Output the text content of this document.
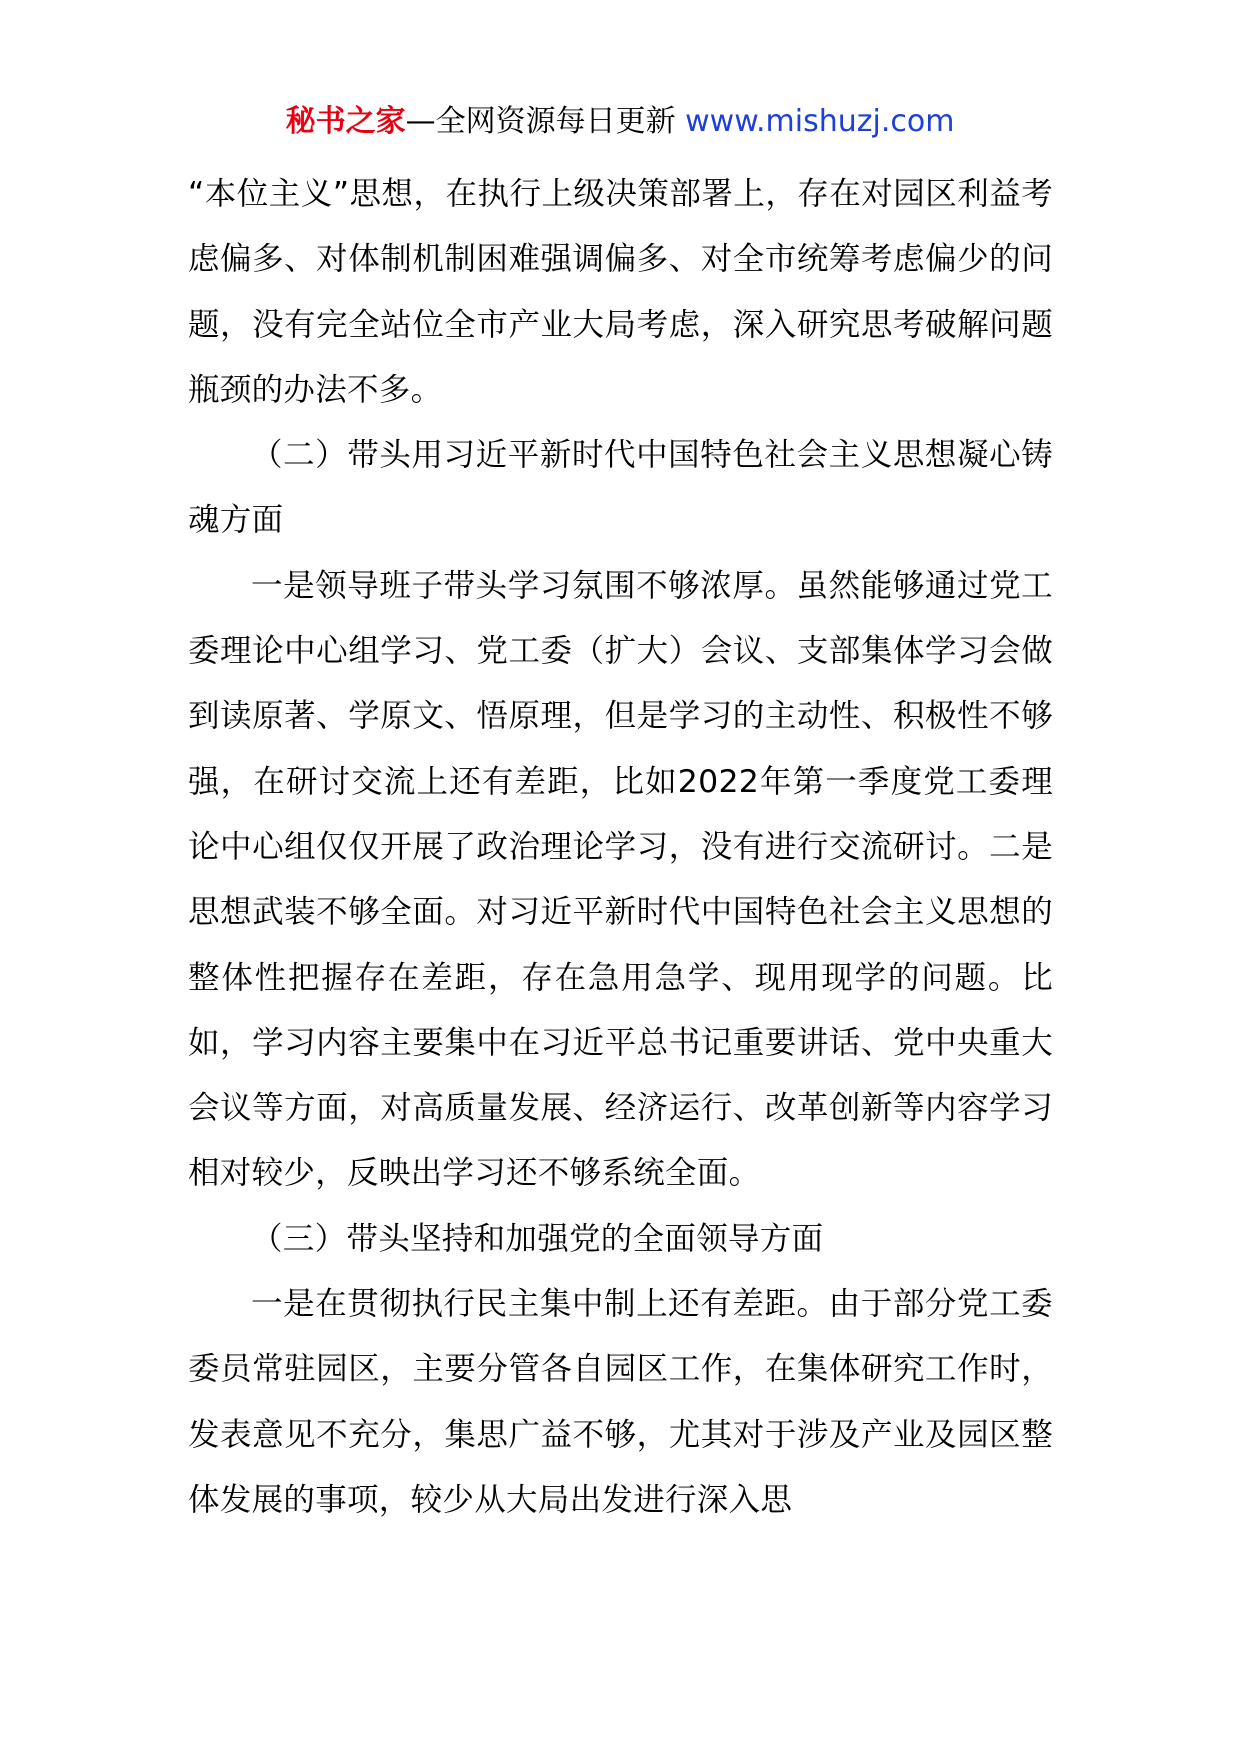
秘书之家—全网资源每日更新 www.mishuzj.com

“本位主义”思想，在执行上级决策部署上，存在对园区利益考虑偏多、对体制机制困难强调偏多、对全市统筹考虑偏少的问题，没有完全站位全市产业大局考虑，深入研究思考破解问题瓶颈的办法不多。

（二）带头用习近平新时代中国特色社会主义思想凝心铸魂方面

一是领导班子带头学习氛围不够浓厚。虽然能够通过党工委理论中心组学习、党工委（扩大）会议、支部集体学习会做到读原著、学原文、悟原理，但是学习的主动性、积极性不够强，在研讨交流上还有差距，比如2022年第一季度党工委理论中心组仅仅开展了政治理论学习，没有进行交流研讨。二是思想武装不够全面。对习近平新时代中国特色社会主义思想的整体性把握存在差距，存在急用急学、现用现学的问题。比如，学习内容主要集中在习近平总书记重要讲话、党中央重大会议等方面，对高质量发展、经济运行、改革创新等内容学习相对较少，反映出学习还不够系统全面。

（三）带头坚持和加强党的全面领导方面

一是在贯彻执行民主集中制上还有差距。由于部分党工委委员常驻园区，主要分管各自园区工作，在集体研究工作时，发表意见不充分，集思广益不够，尤其对于涉及产业及园区整体发展的事项，较少从大局出发进行深入思
